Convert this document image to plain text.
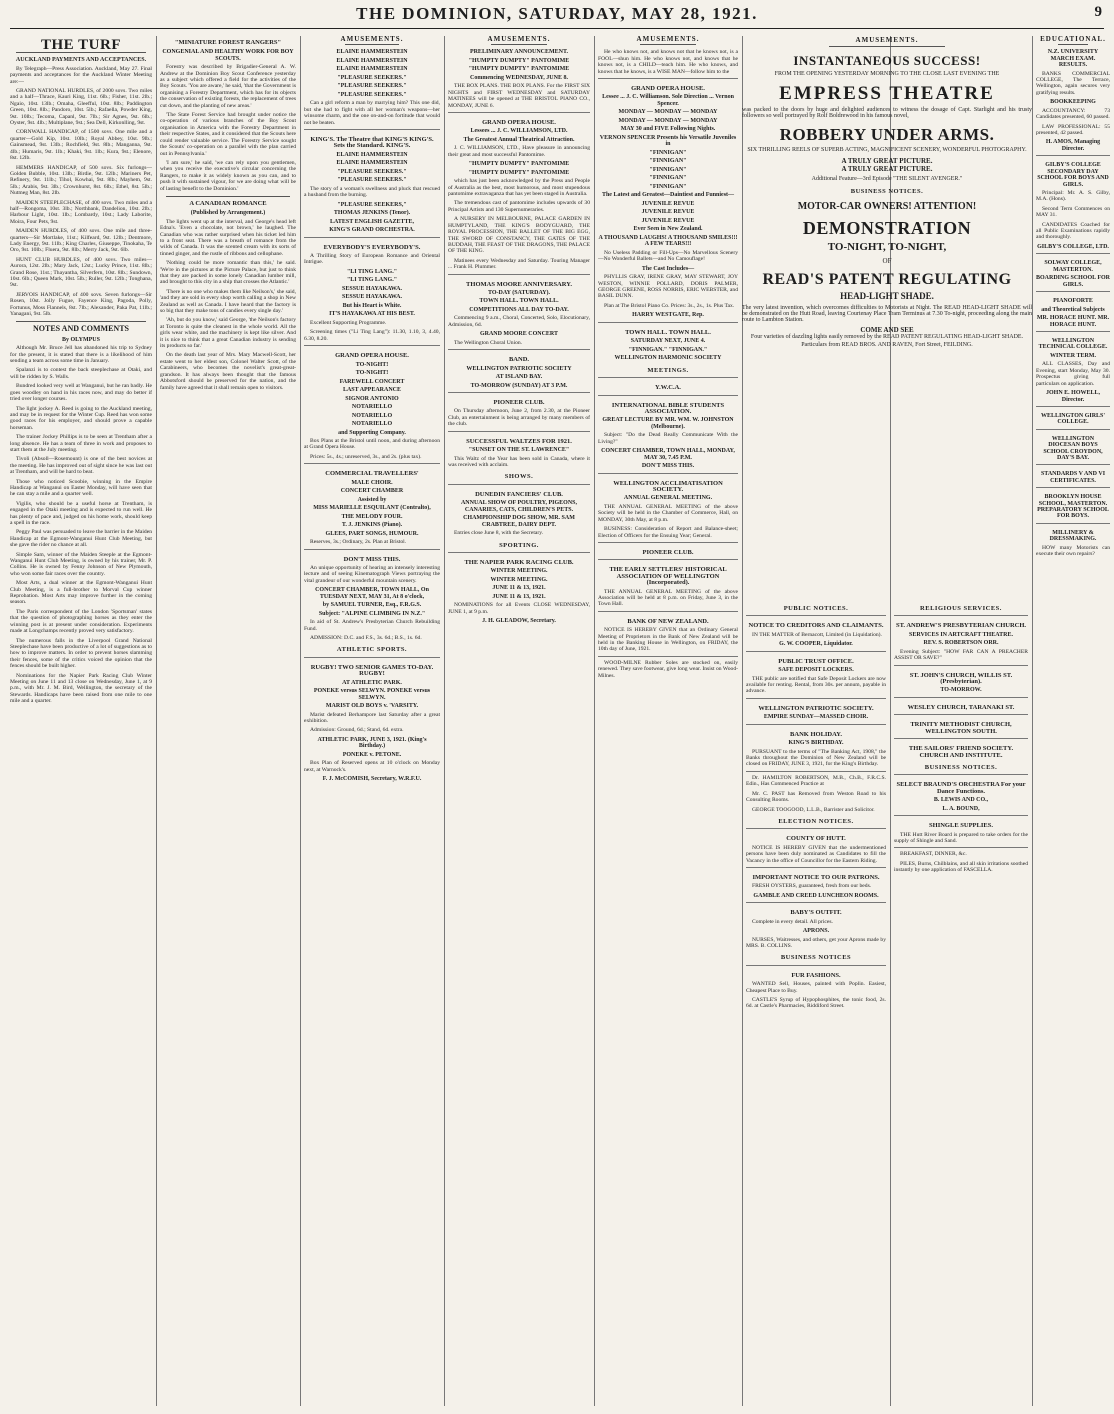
THE DOMINION, SATURDAY, MAY 28, 1921.	9
THE TURF
AUCKLAND PAYMENTS AND ACCEPTANCES.

By Telegraph—Press Association. Auckland, May 27. Final payments and acceptances for the Auckland Winter Meeting are:—

GRAND NATIONAL HURDLES, of 2000 sovs. Two miles and a half—Thrace, Kauri King, 11st. 6lb.; Fisher, 11st. 2lb.; Ngaio, 10st. 13lb.; Omaha, Gleefful, 10st. 8lb.; Paddington Green, 10st. 8lb.; Pandoro, 10st. 5lb.; Rafaella, Powder King, 9st. 10lb.; Tecoma, Capanl, 9st. 7lb.; Sir Agnes, 9st. 6lb.; Oyster, 9st. 4lb.; Multiplane, 9st.; Sea Dell, Kirkonlling, 9st.

CORNWALL HANDICAP, of 1500 sovs. One mile and a quarter—Gold Kip, 10st. 10lb.; Royal Abbey, 10st. 9lb.; Gainsmead, 9st. 13lb.; Rochfield, 9st. 8lb.; Manganna, 9st. 4lb.; Humaris, 9st. 1lb.; Khaki, 9st. 1lb.; Kura, 9st.; Elenore, 8st. 12lb.

HEMMERS HANDICAP, of 500 sovs. Six furlongs—Golden Bubble, 10st. 13lb.; Birdie, 9st. 12lb.; Mariners Pet, Refinery, 9st. 11lb.; Tihol, Kowhai, 9st. 8lb.; Mayhem, 9st. 5lb.; Arabis, 9st. 3lb.; Crownhurst, 8st. 6lb.; Ethel, 8st. 5lb.; Nutmeg Man, 8st. 2lb.

MAIDEN STEEPLECHASE, of 400 sovs. Two miles and a half—Rongoma, 10st. 3lb.; Northbank, Dandelion, 10st. 2lb.; Harbour Light, 10st. 1lb.; Lombardy, 10st.; Lady Laborite, Moira, Four Pets, 9st.

MAIDEN HURDLES, of 400 sovs. One mile and three-quarters—Sir Mortlake, 11st.; Kilfeard, 9st. 12lb.; Dentmore, Lady Energy, 9st. 11lb.; King Charles, Giuseppe, Tinokaha, Te Oro, 9st. 10lb.; Fluera, 9st. 8lb.; Merry Jack, 9st. 6lb.

HUNT CLUB HURDLES, of 400 sovs. Two miles—Aurora, 12st. 2lb.; Mary Jack, 12st.; Lucky Prince, 11st. 8lb.; Grand Rose, 11st.; Thayantha, Silverfern, 10st. 8lb.; Sundown, 10st. 6lb.; Queen Mark, 10st. 5lb.; Ruller, 9st. 12lb.; Tonghana, 9st.

JERVOIS HANDICAP, of 400 sovs. Seven furlongs—Sir Rosen, 10st. Jolly Fugue, Fayence King, Pagoda, Polly, Fortunus, Moss Flannels, 8st. 7lb.; Alexander, Paka Pat, 11lb.; Yanagani, 9st. 5lb.

NOTES AND COMMENTS
By OLYMPUS

Although Mr. Bruce Jell has abandoned his trip to Sydney for the present, it is stated that there is a likelihood of him sending a team across some time in January.

Spalanzi is to contest the back steeplechase at Otaki, and will be ridden by S. Walls.

Bundred looked very well at Wanganui, but he ran badly. He goes woodley on hand in his races now, and may do better if tried over longer courses.

The light jockey A. Reed is going to the Auckland meeting, and may be in request for the Winter Cup. Reed has won some good races for his employer, and should prove a capable horseman.

The trainer Jockey Phillips is to be seen at Trentham after a long absence. He has a team of three in work and proposes to start them at the July meeting.

Tivoli (Absoll—Rosemount) is one of the best novices at the meeting. He has improved out of sight since he was last out at Trentham, and will be hard to beat.

Those who noticed Scoobie, winning in the Empire Handicap at Wanganui on Easter Monday, will have seen that he can stay a mile and a quarter well.

Vigilis, who should be a useful horse at Trentham, is engaged in the Otaki meeting and is expected to run well. He has plenty of pace and, judged on his home work, should keep a spell in the race.

Peggy Paul was persuaded to leave the barrier in the Maiden Handicap at the Egmont-Wanganui Hunt Club Meeting, but she gave the rider no chance at all.

Simple Sam, winner of the Maiden Steeple at the Egmont-Wanganui Hunt Club Meeting, is owned by his trainer, Mr. P. Collins. He is owned by Fenny Johnson of New Plymouth, who won some fair races over the country.

Most Arts, a dual winner at the Egmont-Wanganui Hunt Club Meeting, is a full-brother to Morval Cup winner Reprobation. Most Arts may improve further in the coming season.

The Paris correspondent of the London 'Sportsman' states that the question of photographing horses as they enter the winning post is at present under consideration. Experiments made at Longchamps recently proved very satisfactory.

The numerous falls in the Liverpool Grand National Steeplechase have been productive of a lot of suggestions as to how to improve matters. In order to prevent horses slamming their fences, some of the critics voiced the opinion that the fences should be built higher.

Nominations for the Napier Park Racing Club Winter Meeting on June 11 and 13 close on Wednesday, June 1, at 9 p.m., with Mr. J. M. Bird, Wellington, the secretary of the Stewards. Handicaps have been raised from one mile to one mile and a quarter.

"MINIATURE FOREST RANGERS"
CONGENIAL AND HEALTHY WORK FOR BOY SCOUTS.

Forestry was described by Brigadier-General A. W. Andrew at the Dominion Boy Scout Conference yesterday as a subject which offered a field for the activities of the Boy Scouts. 'You are aware,' he said, 'that the Government is organising a Forestry Department, which has for its objects the conservation of existing forests, the replacement of trees cut down, and the planting of new areas.'

'The State Forest Service had brought under notice the co-operation of various branches of the Boy Scout organisation in America with the Forestry Department in their respective States, and it considered that the Scouts here could render valuable service. The Forestry Service sought the Scouts' co-operation on a parallel with the plan carried out in Pennsylvania.'

'I am sure,' he said, 'we can rely upon you gentlemen, when you receive the executive's circular concerning the Rangers, to make it as widely known as you can, and to push it with sustained vigour, for we are doing what will be of lasting benefit to the Dominion.'

A CANADIAN ROMANCE
(Published by Arrangement.)

The lights went up at the interval, and George's head left Edna's. 'Even a chocolate, not brown,' he laughed. The Canadian who was rather surprised when his ticket led him to a front seat. There was a breath of romance from the wilds of Canada. It was the scented cream with its sorts of tinned ginger, and the rustle of ribbons and cellophane.

'Nothing could be more romantic than this,' he said. 'We're in the pictures at the Picture Palace, but just to think that they are packed in some lonely Canadian lumber mill, and brought to this city in a ship that crosses the Atlantic.'

'There is no one who makes them like Neilson's,' she said, 'and they are sold in every shop worth calling a shop in New Zealand as well as Canada. I have heard that the factory is so big that they make tons of candies every single day.'

'Ah, but do you know,' said George, 'the Neilson's factory at Toronto is quite the cleanest in the whole world. All the girls wear white, and the machinery is kept like silver. And it is nice to think that a great Canadian industry is sending its products so far.'

On the death last year of Mrs. Mary Macwell-Scott, her estate went to her eldest son, Colonel Walter Scott, of the Carabineers, who becomes the novelist's great-great-grandson. It has always been thought that the famous Abbotsford should be preserved for the nation, and the family have agreed that it shall remain open to visitors.

AMUSEMENTS.
ELAINE HAMMERSTEIN
ELAINE HAMMERSTEIN
ELAINE HAMMERSTEIN
"PLEASURE SEEKERS."
"PLEASURE SEEKERS."
"PLEASURE SEEKERS."

Can a girl reform a man by marrying him? This one did, but she had to fight with all her woman's weapons—her winsome charm, and the one on-and-on fortitude that would not be beaten.

KING'S. The Theatre that KING'S KING'S. Sets the Standard. KING'S.
ELAINE HAMMERSTEIN
ELAINE HAMMERSTEIN
"PLEASURE SEEKERS."
"PLEASURE SEEKERS."

The story of a woman's swellness and pluck that rescued a husband from the burning.

"PLEASURE SEEKERS,"
THOMAS JENKINS (Tenor).
LATEST ENGLISH GAZETTE,
KING'S GRAND ORCHESTRA.
EVERYBODY'S EVERYBODY'S.

A Thrilling Story of European Romance and Oriental Intrigue.

"LI TING LANG."
"LI TING LANG."
SESSUE HAYAKAWA.
SESSUE HAYAKAWA.
But his Heart is White.
IT'S HAYAKAWA AT HIS BEST.

Excellent Supporting Programme.

Screening times ("Li Ting Lang"): 11.30, 1.10, 3, 4.40, 6.30, 8.20.

GRAND OPERA HOUSE.
TO-NIGHT!
TO-NIGHT!
FAREWELL CONCERT
LAST APPEARANCE
SIGNOR ANTONIO
NOTARIELLO
NOTARIELLO
NOTARIELLO
and Supporting Company.

Box Plans at the Bristol until noon, and during afternoon at Grand Opera House.

Prices: 5s., 4s.; unreserved, 3s., and 2s. (plus tax).

COMMERCIAL TRAVELLERS'
MALE CHOIR.
CONCERT CHAMBER
Assisted by
MISS MARIELLE ESQUILANT (Contralto),
THE MELODY FOUR.
T. J. JENKINS (Piano).
GLEES, PART SONGS, HUMOUR.

Reserves, 3s.; Ordinary, 2s. Plan at Bristol.

DON'T MISS THIS.

An unique opportunity of hearing an intensely interesting lecture and of seeing Kinematograph Views portraying the vital grandeur of our wonderful mountain scenery.

CONCERT CHAMBER, TOWN HALL, On TUESDAY NEXT, MAY 31, At 8 o'clock,
by SAMUEL TURNER, Esq., F.R.G.S.
Subject: "ALPINE CLIMBING IN N.Z."

In aid of St. Andrew's Presbyterian Church Rebuilding Fund.

ADMISSION: D.C. and F.S., 3s. 6d.; B.S., 1s. 6d.

ATHLETIC SPORTS.
RUGBY! TWO SENIOR GAMES TO-DAY. RUGBY!
AT ATHLETIC PARK.
PONEKE versus SELWYN. PONEKE versus SELWYN.
MARIST OLD BOYS v. 'VARSITY.

Marist defeated Berhampore last Saturday after a great exhibition.

Admission: Ground, 6d.; Stand, 6d. extra.

ATHLETIC PARK, JUNE 3, 1921. (King's Birthday.)
PONEKE v. PETONE.

Box Plan of Reserved opens at 10 o'clock on Monday next, at Warnock's.

F. J. McCOMISH, Secretary, W.R.F.U.
AMUSEMENTS.
PRELIMINARY ANNOUNCEMENT.
"HUMPTY DUMPTY" PANTOMIME
"HUMPTY DUMPTY" PANTOMIME
Commencing WEDNESDAY, JUNE 8.

THE BOX PLANS. THE BOX PLANS. For the FIRST SIX NIGHTS and FIRST WEDNESDAY and SATURDAY MATINEES will be opened at THE BRISTOL PIANO CO., MONDAY, JUNE 6.

GRAND OPERA HOUSE.
Lessees ... J. C. WILLIAMSON, LTD.
The Greatest Annual Theatrical Attraction.

J. C. WILLIAMSON, LTD., Have pleasure in announcing their great and most successful Pantomime.

"HUMPTY DUMPTY" PANTOMIME
"HUMPTY DUMPTY" PANTOMIME

which has just been acknowledged by the Press and People of Australia as the best, most humorous, and most stupendous pantomime extravaganza that has yet been staged in Australia.

The tremendous cast of pantomime includes upwards of 30 Principal Artists and 130 Supernumeraries.

A NURSERY IN MELBOURNE, PALACE GARDEN IN HUMPTYLAND, THE KING'S BODYGUARD, THE ROYAL PROCESSION, THE BALLET OF THE BIG EGG, THE SWORD OF CONSTANCY, THE GATES OF THE BUDDAH, THE FEAST OF THE DRAGONS, THE PALACE OF THE KING.

Matinees every Wednesday and Saturday. Touring Manager ... Frank H. Plummer.

THOMAS MOORE ANNIVERSARY.
TO-DAY (SATURDAY).
TOWN HALL. TOWN HALL.
COMPETITIONS ALL DAY TO-DAY.

Commencing 9 a.m., Choral, Concerted, Solo, Elocutionary, Admission, 6d.

GRAND MOORE CONCERT

The Wellington Choral Union.

BAND.
WELLINGTON PATRIOTIC SOCIETY
AT ISLAND BAY.
TO-MORROW (SUNDAY) AT 3 P.M.
PIONEER CLUB.

On Thursday afternoon, June 2, from 2.30, at the Pioneer Club, an entertainment is being arranged by many members of the club.

SUCCESSFUL WALTZES FOR 1921.
"SUNSET ON THE ST. LAWRENCE"

This Waltz of the Year has been sold in Canada, where it was received with acclaim.

SHOWS.
DUNEDIN FANCIERS' CLUB.
ANNUAL SHOW OF POULTRY, PIGEONS, CANARIES, CATS, CHILDREN'S PETS.
CHAMPIONSHIP DOG SHOW, MR. SAM CRABTREE, DAIRY DEPT.

Entries close June 8, with the Secretary.

SPORTING.
THE NAPIER PARK RACING CLUB.
WINTER MEETING.
WINTER MEETING.
JUNE 11 & 13, 1921.
JUNE 11 & 13, 1921.

NOMINATIONS for all Events CLOSE WEDNESDAY, JUNE 1, at 9 p.m.

J. H. GLEADOW, Secretary.
AMUSEMENTS.

He who knows not, and knows not that he knows not, is a FOOL—shun him. He who knows not, and knows that he knows not, is a CHILD—teach him. He who knows, and knows that he knows, is a WISE MAN—follow him to the

GRAND OPERA HOUSE.
Lessee ... J. C. Williamson. Sole Direction ... Vernon Spencer.
MONDAY — MONDAY — MONDAY
MONDAY — MONDAY — MONDAY
MAY 30 and FIVE Following Nights.
VERNON SPENCER Presents his Versatile Juveniles in
"FINNIGAN"
"FINNIGAN"
"FINNIGAN"
"FINNIGAN"
"FINNIGAN"
The Latest and Greatest—Daintiest and Funniest—
JUVENILE REVUE
JUVENILE REVUE
JUVENILE REVUE
Ever Seen in New Zealand.
A THOUSAND LAUGHS! A THOUSAND SMILES!!! A FEW TEARS!!!

No Useless Padding or Fill-Ups—No Marvellous Scenery—No Wonderful Ballets—and No Camouflage!

The Cast Includes—

PHYLLIS GRAY, IRENE GRAY, MAY STEWART, JOY WESTON, WINNIE POLLARD, DORIS PALMER, GEORGE GREENE, ROSS NORRIS, ERIC WEBSTER, and BASIL DUNN.

Plan at The Bristol Piano Co. Prices: 3s., 2s., 1s. Plus Tax.

HARRY WESTGATE, Rep.
TOWN HALL. TOWN HALL.
SATURDAY NEXT, JUNE 4.
"FINNIGAN." "FINNIGAN."
WELLINGTON HARMONIC SOCIETY
MEETINGS.
Y.W.C.A.
INTERNATIONAL BIBLE STUDENTS ASSOCIATION.
GREAT LECTURE BY MR. WM. W. JOHNSTON (Melbourne).

Subject: "Do the Dead Really Communicate With the Living?"

CONCERT CHAMBER, TOWN HALL, MONDAY, MAY 30, 7.45 P.M.
DON'T MISS THIS.
WELLINGTON ACCLIMATISATION SOCIETY.
ANNUAL GENERAL MEETING.

THE ANNUAL GENERAL MEETING of the above Society will be held in the Chamber of Commerce, Hall, on MONDAY, 30th May, at 8 p.m.

BUSINESS: Consideration of Report and Balance-sheet; Election of Officers for the Ensuing Year; General.

PIONEER CLUB.
THE EARLY SETTLERS' HISTORICAL ASSOCIATION OF WELLINGTON (Incorporated).

THE ANNUAL GENERAL MEETING of the above Association will be held at 8 p.m. on Friday, June 3, in the Town Hall.

BANK OF NEW ZEALAND.

NOTICE IS HEREBY GIVEN that an Ordinary General Meeting of Proprietors in the Bank of New Zealand will be held in the Banking House in Wellington, on FRIDAY, the 10th day of June, 1921.

WOOD-MILNE Rubber Soles are stocked on, easily renewed. They save footwear, give long wear. Insist on Wood-Milnes.

AMUSEMENTS.
INSTANTANEOUS SUCCESS!
FROM THE OPENING YESTERDAY MORNING TO THE CLOSE LAST EVENING THE
EMPRESS THEATRE
was packed to the doors by huge and delighted audiences to witness the dosage of Capt. Starlight and his trusty followers so well portrayed by Rolf Boldrewood in his famous novel,
ROBBERY UNDER ARMS.
SIX THRILLING REELS OF SUPERB ACTING, MAGNIFICENT SCENERY, WONDERFUL PHOTOGRAPHY.
A TRULY GREAT PICTURE.
A TRULY GREAT PICTURE.
Additional Feature—3rd Episode "THE SILENT AVENGER."
BUSINESS NOTICES.
MOTOR-CAR OWNERS! ATTENTION!
DEMONSTRATION
TO-NIGHT, TO-NIGHT,
OF
READ'S PATENT REGULATING
HEAD-LIGHT SHADE.
The very latest invention, which overcomes difficulties to Motorists at Night. The READ HEAD-LIGHT SHADE will be demonstrated on the Hutt Road, leaving Courtenay Place Tram Terminus at 7.30 To-night, proceeding along the main route to Lambton Station.
COME AND SEE
Four varieties of dazzling lights easily removed by the READ PATENT REGULATING HEAD-LIGHT SHADE.
Particulars from READ BROS. AND RAVEN, Fort Street, FEILDING.
PUBLIC NOTICES.
NOTICE TO CREDITORS AND CLAIMANTS.

IN THE MATTER of Bernacott, Limited (in Liquidation).

G. W. COOPER, Liquidator.
PUBLIC TRUST OFFICE.
SAFE DEPOSIT LOCKERS.

THE public are notified that Safe Deposit Lockers are now available for renting. Rental, from 30s. per annum, payable in advance.

WELLINGTON PATRIOTIC SOCIETY.
EMPIRE SUNDAY—MASSED CHOIR.
BANK HOLIDAY.
KING'S BIRTHDAY.

PURSUANT to the terms of "The Banking Act, 1908," the Banks throughout the Dominion of New Zealand will be closed on FRIDAY, JUNE 3, 1921, for the King's Birthday.

Dr. HAMILTON ROBERTSON, M.B., Ch.B., F.R.C.S. Edin., Has Commenced Practice at

Mr. C. PAST has Removed from Weston Road to his Consulting Rooms.

GEORGE TOOGOOD, L.L.B., Barrister and Solicitor.

ELECTION NOTICES.
COUNTY OF HUTT.

NOTICE IS HEREBY GIVEN that the undermentioned persons have been duly nominated as Candidates to fill the Vacancy in the office of Councillor for the Eastern Riding.

IMPORTANT NOTICE TO OUR PATRONS.

FRESH OYSTERS, guaranteed, fresh from our beds.

GAMBLE AND CREED LUNCHEON ROOMS.
BABY'S OUTFIT.

Complete in every detail. All prices.

APRONS.

NURSES, Waitresses, and others, get your Aprons made by MRS. B. COLLINS.

BUSINESS NOTICES
FUR FASHIONS.

WANTED Sell, Houses, painted with Poplin. Easiest, Cheapest Place to Buy.

CASTLE'S Syrup of Hypophosphites, the tonic food, 2s. 6d. at Castle's Pharmacies, Riddiford Street.

RELIGIOUS SERVICES.
ST. ANDREW'S PRESBYTERIAN CHURCH.
SERVICES IN ARTCRAFT THEATRE.
REV. S. ROBERTSON ORR.

Evening Subject: "HOW FAR CAN A PREACHER ASSIST OR SAVE?"

ST. JOHN'S CHURCH, WILLIS ST. (Presbyterian).
TO-MORROW.
WESLEY CHURCH, TARANAKI ST.
TRINITY METHODIST CHURCH, WELLINGTON SOUTH.
THE SAILORS' FRIEND SOCIETY. CHURCH AND INSTITUTE.
BUSINESS NOTICES.
SELECT BRAUND'S ORCHESTRA For your Dance Functions.
B. LEWIS AND CO.,
L. A. BOUND,
SHINGLE SUPPLIES.

THE Hutt River Board is prepared to take orders for the supply of Shingle and Sand.

BREAKFAST, DINNER, &c.

PILES, Burns, Chilblains, and all skin irritations soothed instantly by one application of FASCELLA.

EDUCATIONAL.
N.Z. UNIVERSITY MARCH EXAM. RESULTS.

BANKS COMMERCIAL COLLEGE, The Terrace, Wellington, again secures very gratifying results.

BOOKKEEPING

ACCOUNTANCY: 73 Candidates presented, 60 passed.

LAW PROFESSIONAL: 55 presented, 42 passed.

H. AMOS, Managing Director.
GILBY'S COLLEGE SECONDARY DAY SCHOOL FOR BOYS AND GIRLS.

Principal: Mr. A. S. Gilby, M.A. (Hons).

Second Term Commences on MAY 31.

CANDIDATES Coached for all Public Examinations rapidly and thoroughly.

GILBY'S COLLEGE, LTD.
SOLWAY COLLEGE, MASTERTON.
BOARDING SCHOOL FOR GIRLS.
PIANOFORTE
and Theoretical Subjects
MR. HORACE HUNT. MR. HORACE HUNT.
WELLINGTON TECHNICAL COLLEGE.
WINTER TERM.

ALL CLASSES, Day and Evening, start Monday, May 30. Prospectus giving full particulars on application.

JOHN E. HOWELL, Director.
WELLINGTON GIRLS' COLLEGE.
WELLINGTON DIOCESAN BOYS SCHOOL CROYDON, DAY'S BAY.
STANDARDS V AND VI CERTIFICATES.
BROOKLYN HOUSE SCHOOL, MASTERTON. PREPARATORY SCHOOL FOR BOYS.
MILLINERY & DRESSMAKING.

HOW many Motorists can execute their own repairs?
